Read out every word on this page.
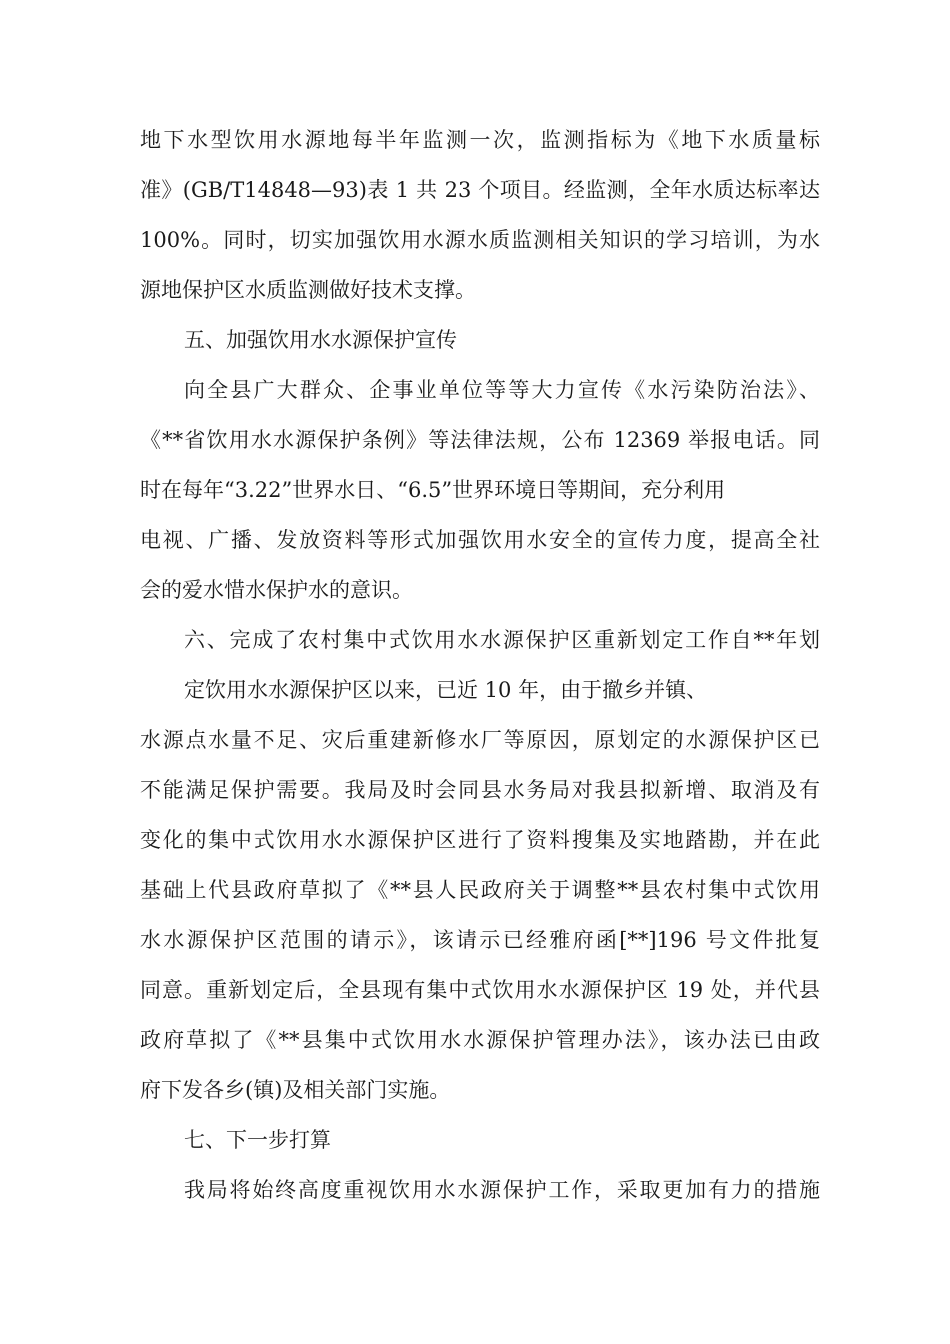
地下水型饮用水源地每半年监测一次，监测指标为《地下水质量标
准》(GB/T14848—93)表 1 共 23 个项目。经监测，全年水质达标率达
100%。同时，切实加强饮用水源水质监测相关知识的学习培训，为水
源地保护区水质监测做好技术支撑。
五、加强饮用水水源保护宣传
向全县广大群众、企事业单位等等大力宣传《水污染防治法》、
《**省饮用水水源保护条例》等法律法规，公布 12369 举报电话。同
时在每年“3.22”世界水日、“6.5”世界环境日等期间，充分利用
电视、广播、发放资料等形式加强饮用水安全的宣传力度，提高全社
会的爱水惜水保护水的意识。
六、完成了农村集中式饮用水水源保护区重新划定工作自**年划
定饮用水水源保护区以来，已近 10 年，由于撤乡并镇、
水源点水量不足、灾后重建新修水厂等原因，原划定的水源保护区已
不能满足保护需要。我局及时会同县水务局对我县拟新增、取消及有
变化的集中式饮用水水源保护区进行了资料搜集及实地踏勘，并在此
基础上代县政府草拟了《**县人民政府关于调整**县农村集中式饮用
水水源保护区范围的请示》，该请示已经雅府函[**]196 号文件批复
同意。重新划定后，全县现有集中式饮用水水源保护区 19 处，并代县
政府草拟了《**县集中式饮用水水源保护管理办法》，该办法已由政
府下发各乡(镇)及相关部门实施。
七、下一步打算
我局将始终高度重视饮用水水源保护工作，采取更加有力的措施
